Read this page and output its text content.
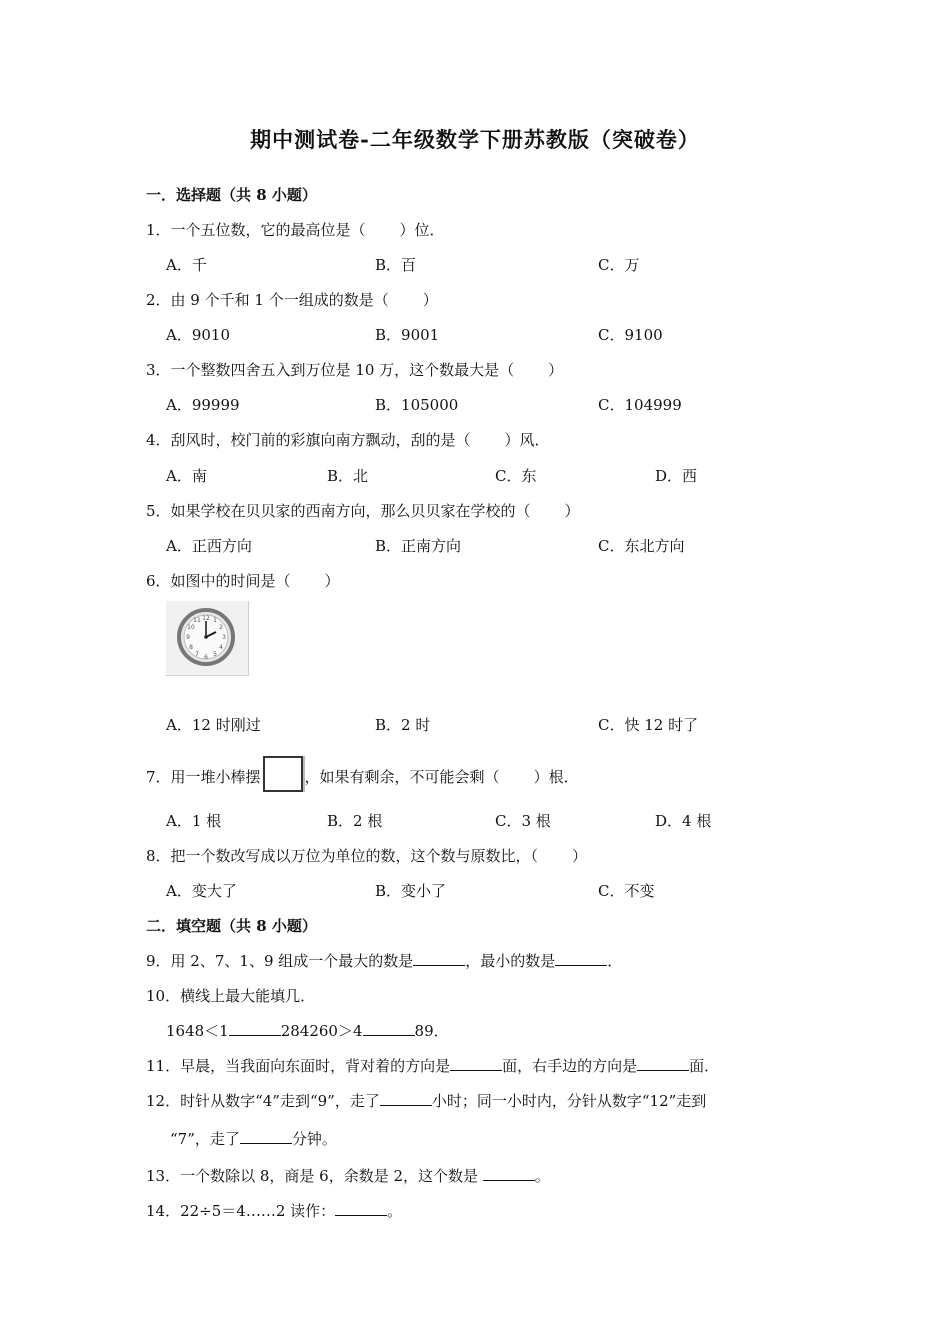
期中测试卷-二年级数学下册苏教版（突破卷）
一．选择题（共 8 小题）
1．一个五位数，它的最高位是（ ）位．
A．千	B．百	C．万
2．由 9 个千和 1 个一组成的数是（ ）
A．9010	B．9001	C．9100
3．一个整数四舍五入到万位是 10 万，这个数最大是（ ）
A．99999	B．105000	C．104999
4．刮风时，校门前的彩旗向南方飘动，刮的是（ ）风．
A．南	B．北	C．东	D．西
5．如果学校在贝贝家的西南方向，那么贝贝家在学校的（ ）
A．正西方向	B．正南方向	C．东北方向
6．如图中的时间是（ ）
12 1
2
3
4
5
6
7
8
9
10
11
A．12 时刚过	B．2 时	C．快 12 时了
7．用一堆小棒摆	，如果有剩余，不可能会剩（ ）根．
A．1 根	B．2 根	C．3 根	D．4 根
8．把一个数改写成以万位为单位的数，这个数与原数比，（ ）
A．变大了	B．变小了	C．不变
二．填空题（共 8 小题）
9．用 2、7、1、9 组成一个最大的数是	，最小的数是	．
10．横线上最大能填几．
1648＜1	284260＞4	89．
11．早晨，当我面向东面时，背对着的方向是	面，右手边的方向是	面．
12．时针从数字“4”走到“9”，走了	小时；同一小时内，分针从数字“12”走到
“7”，走了	分钟。
13．一个数除以 8，商是 6，余数是 2，这个数是	。
14．22÷5＝4……2 读作：	。
